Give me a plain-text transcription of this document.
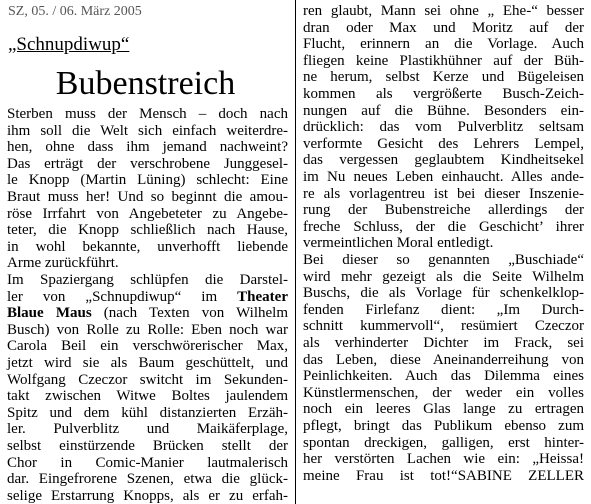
SZ, 05. / 06. März 2005
„Schnupdiwup“
Bubenstreich
Sterben muss der Mensch – doch nach
ihm soll die Welt sich einfach weiterdre-
hen, ohne dass ihm jemand nachweint?
Das erträgt der verschrobene Junggesel-
le Knopp (Martin Lüning) schlecht: Eine
Braut muss her! Und so beginnt die amou-
röse Irrfahrt von Angebeteter zu Angebe-
teter, die Knopp schließlich nach Hause,
in wohl bekannte, unverhofft liebende
Arme zurückführt.
Im Spaziergang schlüpfen die Darstel-
ler von „Schnupdiwup“ im Theater
Blaue Maus (nach Texten von Wilhelm
Busch) von Rolle zu Rolle: Eben noch war
Carola Beil ein verschwörerischer Max,
jetzt wird sie als Baum geschüttelt, und
Wolfgang Czeczor switcht im Sekunden-
takt zwischen Witwe Boltes jaulendem
Spitz und dem kühl distanzierten Erzäh-
ler. Pulverblitz und Maikäferplage,
selbst einstürzende Brücken stellt der
Chor in Comic-Manier lautmalerisch
dar. Eingefrorene Szenen, etwa die glück-
selige Erstarrung Knopps, als er zu erfah-
ren glaubt, Mann sei ohne „ Ehe-“ besser
dran oder Max und Moritz auf der
Flucht, erinnern an die Vorlage. Auch
fliegen keine Plastikhühner auf der Büh-
ne herum, selbst Kerze und Bügeleisen
kommen als vergrößerte Busch-Zeich-
nungen auf die Bühne. Besonders ein-
drücklich: das vom Pulverblitz seltsam
verformte Gesicht des Lehrers Lempel,
das vergessen geglaubtem Kindheitsekel
im Nu neues Leben einhaucht. Alles ande-
re als vorlagentreu ist bei dieser Inszenie-
rung der Bubenstreiche allerdings der
freche Schluss, der die Geschicht’ ihrer
vermeintlichen Moral entledigt.
Bei dieser so genannten „Buschiade“
wird mehr gezeigt als die Seite Wilhelm
Buschs, die als Vorlage für schenkelklop-
fenden Firlefanz dient: „Im Durch-
schnitt kummervoll“, resümiert Czeczor
als verhinderter Dichter im Frack, sei
das Leben, diese Aneinanderreihung von
Peinlichkeiten. Auch das Dilemma eines
Künstlermenschen, der weder ein volles
noch ein leeres Glas lange zu ertragen
pflegt, bringt das Publikum ebenso zum
spontan dreckigen, galligen, erst hinter-
her verstörten Lachen wie ein: „Heissa!
meine Frau ist tot!“SABINE ZELLER
